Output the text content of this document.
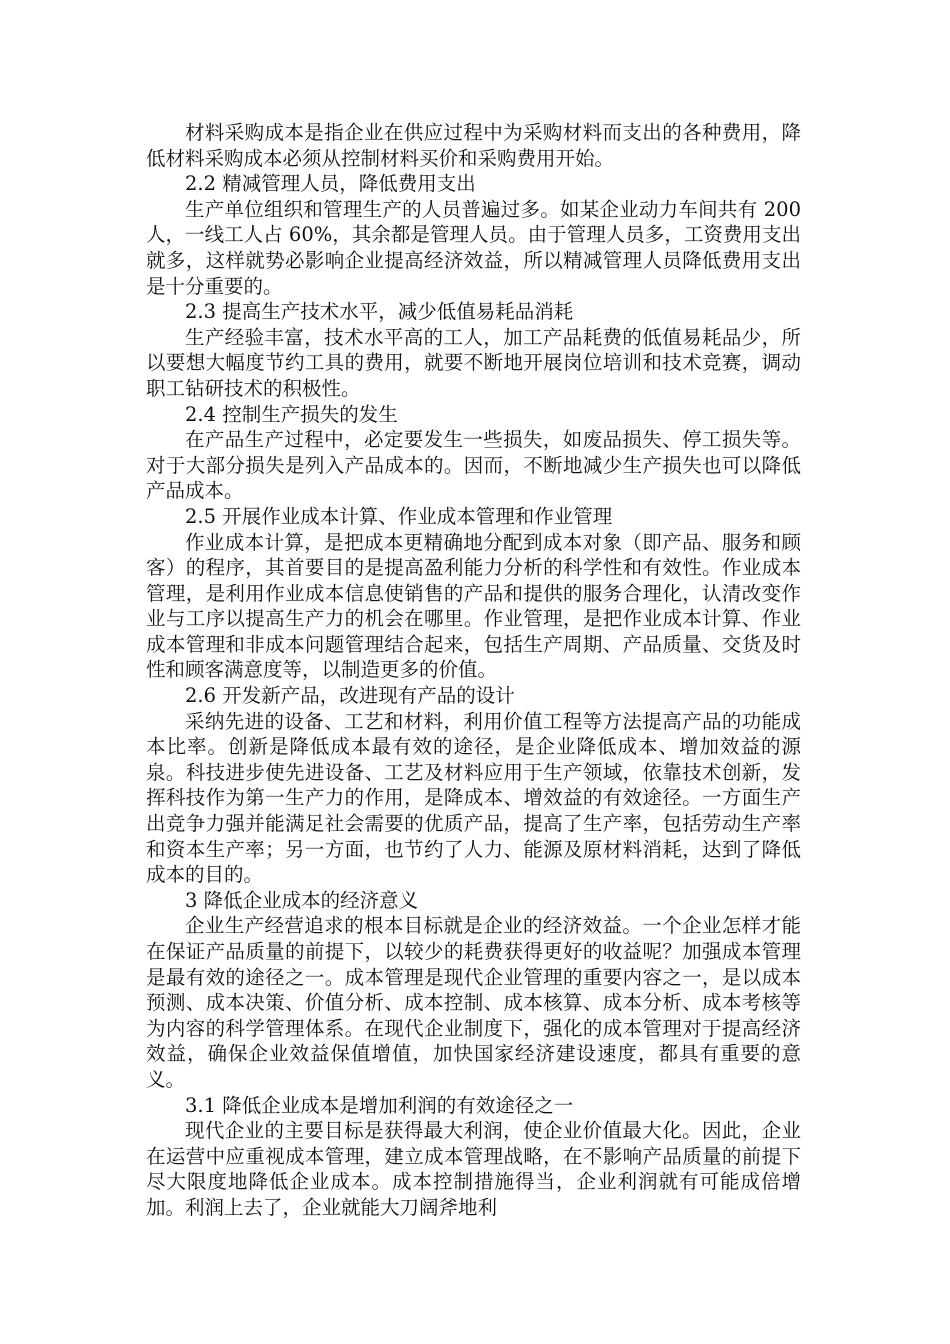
材料采购成本是指企业在供应过程中为采购材料而支出的各种费用，降低材料采购成本必须从控制材料买价和采购费用开始。

2.2 精减管理人员，降低费用支出

生产单位组织和管理生产的人员普遍过多。如某企业动力车间共有 200 人，一线工人占 60%，其余都是管理人员。由于管理人员多，工资费用支出就多，这样就势必影响企业提高经济效益，所以精减管理人员降低费用支出是十分重要的。

2.3 提高生产技术水平，减少低值易耗品消耗

生产经验丰富，技术水平高的工人，加工产品耗费的低值易耗品少，所以要想大幅度节约工具的费用，就要不断地开展岗位培训和技术竞赛，调动职工钻研技术的积极性。

2.4 控制生产损失的发生

在产品生产过程中，必定要发生一些损失，如废品损失、停工损失等。对于大部分损失是列入产品成本的。因而，不断地减少生产损失也可以降低产品成本。

2.5 开展作业成本计算、作业成本管理和作业管理

作业成本计算，是把成本更精确地分配到成本对象（即产品、服务和顾客）的程序，其首要目的是提高盈利能力分析的科学性和有效性。作业成本管理，是利用作业成本信息使销售的产品和提供的服务合理化，认清改变作业与工序以提高生产力的机会在哪里。作业管理，是把作业成本计算、作业成本管理和非成本问题管理结合起来，包括生产周期、产品质量、交货及时性和顾客满意度等，以制造更多的价值。

2.6 开发新产品，改进现有产品的设计

采纳先进的设备、工艺和材料，利用价值工程等方法提高产品的功能成本比率。创新是降低成本最有效的途径，是企业降低成本、增加效益的源泉。科技进步使先进设备、工艺及材料应用于生产领域，依靠技术创新，发挥科技作为第一生产力的作用，是降成本、增效益的有效途径。一方面生产出竞争力强并能满足社会需要的优质产品，提高了生产率，包括劳动生产率和资本生产率；另一方面，也节约了人力、能源及原材料消耗，达到了降低成本的目的。

3 降低企业成本的经济意义

企业生产经营追求的根本目标就是企业的经济效益。一个企业怎样才能在保证产品质量的前提下，以较少的耗费获得更好的收益呢？加强成本管理是最有效的途径之一。成本管理是现代企业管理的重要内容之一，是以成本预测、成本决策、价值分析、成本控制、成本核算、成本分析、成本考核等为内容的科学管理体系。在现代企业制度下，强化的成本管理对于提高经济效益，确保企业效益保值增值，加快国家经济建设速度，都具有重要的意义。

3.1 降低企业成本是增加利润的有效途径之一

现代企业的主要目标是获得最大利润，使企业价值最大化。因此，企业在运营中应重视成本管理，建立成本管理战略，在不影响产品质量的前提下尽大限度地降低企业成本。成本控制措施得当，企业利润就有可能成倍增加。利润上去了，企业就能大刀阔斧地利
